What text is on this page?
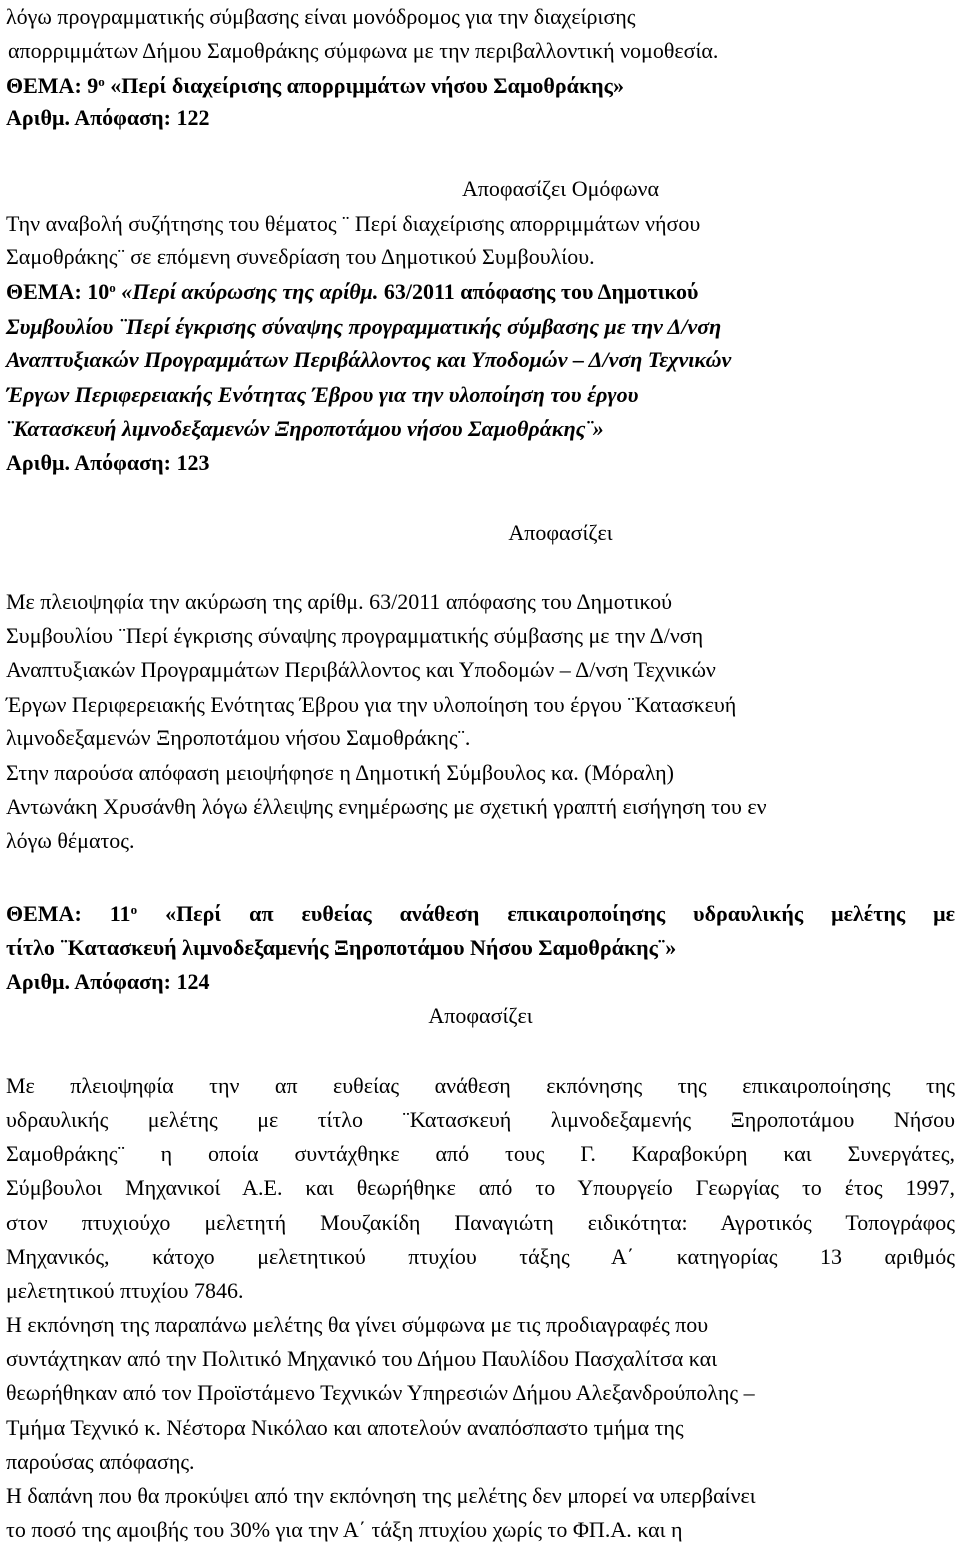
λόγω προγραμματικής σύμβασης είναι μονόδρομος για την διαχείρισης
απορριμμάτων Δήμου Σαμοθράκης σύμφωνα με την περιβαλλοντική νομοθεσία.
ΘΕΜΑ: $9^o$ «Περί διαχείρισης απορριμμάτων νήσου Σαμοθράκης»
Αριθμ. Απόφαση: 122
Αποφασίζει Ομόφωνα
Την αναβολή συζήτησης του θέματος ¨ Περί διαχείρισης απορριμμάτων νήσου
Σαμοθράκης¨ σε επόμενη συνεδρίαση του Δημοτικού Συμβουλίου.
ΘΕΜΑ: $10^o$ «Περί ακύρωσης της αρίθμ. 63/2011 απόφασης του Δημοτικού
Συμβουλίου ¨Περί έγκρισης σύναψης προγραμματικής σύμβασης με την Δ/νση
Αναπτυξιακών Προγραμμάτων Περιβάλλοντος και Υποδομών – Δ/νση Τεχνικών
Έργων Περιφερειακής Ενότητας Έβρου για την υλοποίηση του έργου
¨Κατασκευή λιμνοδεξαμενών Ξηροποτάμου νήσου Σαμοθράκης¨»
Αριθμ. Απόφαση: 123
Αποφασίζει
Με πλειοψηφία την ακύρωση της αρίθμ. 63/2011 απόφασης του Δημοτικού
Συμβουλίου ¨Περί έγκρισης σύναψης προγραμματικής σύμβασης με την Δ/νση
Αναπτυξιακών Προγραμμάτων Περιβάλλοντος και Υποδομών – Δ/νση Τεχνικών
Έργων Περιφερειακής Ενότητας Έβρου για την υλοποίηση του έργου ¨Κατασκευή
λιμνοδεξαμενών Ξηροποτάμου νήσου Σαμοθράκης¨.
Στην παρούσα απόφαση μειοψήφησε η Δημοτική Σύμβουλος κα. (Μόραλη)
Αντωνάκη Χρυσάνθη λόγω έλλειψης ενημέρωσης με σχετική γραπτή εισήγηση του εν
λόγω θέματος.
ΘΕΜΑ: $11^o$ «Περί απ ευθείας ανάθεση επικαιροποίησης υδραυλικής μελέτης με
τίτλο ¨Κατασκευή λιμνοδεξαμενής Ξηροποτάμου Νήσου Σαμοθράκης¨»
Αριθμ. Απόφαση: 124
Αποφασίζει
Με πλειοψηφία την απ ευθείας ανάθεση εκπόνησης της επικαιροποίησης της
υδραυλικής μελέτης με τίτλο ¨Κατασκευή λιμνοδεξαμενής Ξηροποτάμου Νήσου
Σαμοθράκης¨ η οποία συντάχθηκε από τους Γ. Καραβοκύρη και Συνεργάτες,
Σύμβουλοι Μηχανικοί Α.Ε. και θεωρήθηκε από το Υπουργείο Γεωργίας το έτος 1997,
στον πτυχιούχο μελετητή Μουζακίδη Παναγιώτη ειδικότητα: Αγροτικός Τοπογράφος
Μηχανικός, κάτοχο μελετητικού πτυχίου τάξης Α΄ κατηγορίας 13 αριθμός
μελετητικού πτυχίου 7846.
Η εκπόνηση της παραπάνω μελέτης θα γίνει σύμφωνα με τις προδιαγραφές που
συντάχτηκαν από την Πολιτικό Μηχανικό του Δήμου Παυλίδου Πασχαλίτσα και
θεωρήθηκαν από τον Προϊστάμενο Τεχνικών Υπηρεσιών Δήμου Αλεξανδρούπολης –
Τμήμα Τεχνικό κ. Νέστορα Νικόλαο και αποτελούν αναπόσπαστο τμήμα της
παρούσας απόφασης.
Η δαπάνη που θα προκύψει από την εκπόνηση της μελέτης δεν μπορεί να υπερβαίνει
το ποσό της αμοιβής του 30% για την Α΄ τάξη πτυχίου χωρίς το ΦΠ.Α. και η
